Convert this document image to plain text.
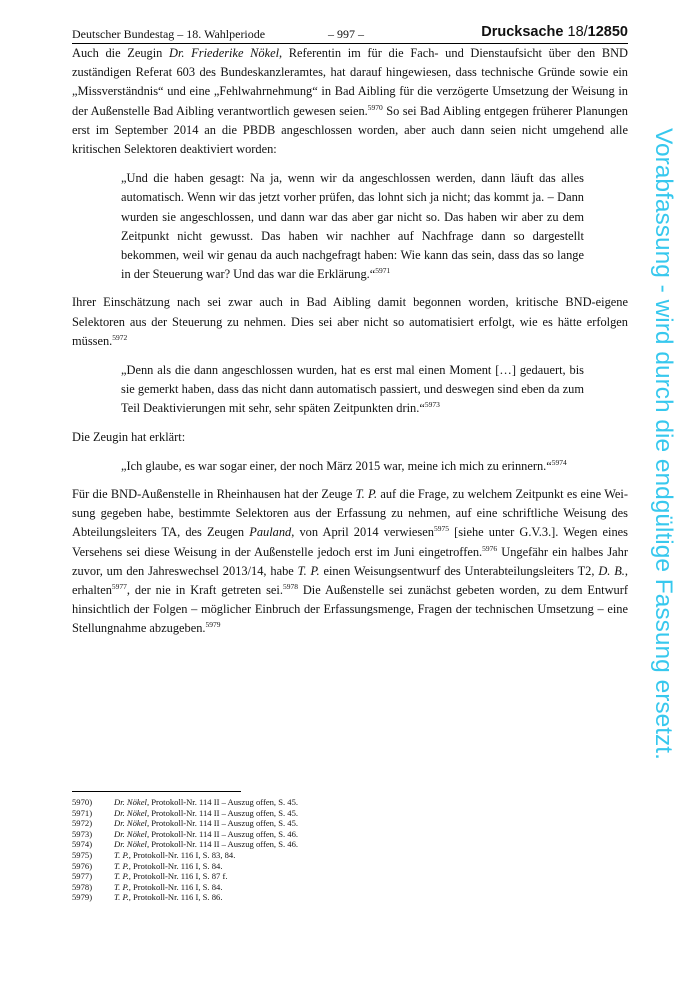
Deutscher Bundestag – 18. Wahlperiode	– 997 –	Drucksache 18/12850

Auch die Zeugin Dr. Friederike Nökel, Referentin im für die Fach- und Dienstaufsicht über den BND zuständigen Referat 603 des Bundeskanzleramtes, hat darauf hingewiesen, dass technische Gründe sowie ein „Missverständnis“ und eine „Fehlwahrnehmung“ in Bad Aibling für die verzögerte Umsetzung der Weisung in der Außenstelle Bad Aibling verantwortlich gewesen seien.$^{5970}$ So sei Bad Aibling entgegen früherer Planungen erst im September 2014 an die PBDB angeschlossen worden, aber auch dann seien nicht umgehend alle kritischen Selektoren deaktiviert worden:

„Und die haben gesagt: Na ja, wenn wir da angeschlossen werden, dann läuft das alles automatisch. Wenn wir das jetzt vorher prüfen, das lohnt sich ja nicht; das kommt ja. – Dann wurden sie angeschlossen, und dann war das aber gar nicht so. Das haben wir aber zu dem Zeitpunkt nicht gewusst. Das haben wir nachher auf Nachfrage dann so dargestellt bekommen, weil wir genau da auch nachgefragt haben: Wie kann das sein, dass das so lange in der Steuerung war? Und das war die Erklärung.“$^{5971}$

Ihrer Einschätzung nach sei zwar auch in Bad Aibling damit begonnen worden, kritische BND-eigene Selektoren aus der Steuerung zu nehmen. Dies sei aber nicht so automatisiert erfolgt, wie es hätte erfolgen müssen.$^{5972}$

„Denn als die dann angeschlossen wurden, hat es erst mal einen Moment […] gedauert, bis sie gemerkt haben, dass das nicht dann automatisch passiert, und deswegen sind eben da zum Teil Deaktivierungen mit sehr, sehr späten Zeitpunkten drin.“$^{5973}$

Die Zeugin hat erklärt:

„Ich glaube, es war sogar einer, der noch März 2015 war, meine ich mich zu erinnern.“$^{5974}$

Für die BND-Außenstelle in Rheinhausen hat der Zeuge T. P. auf die Frage, zu welchem Zeitpunkt es eine Weisung gegeben habe, bestimmte Selektoren aus der Erfassung zu nehmen, auf eine schriftliche Weisung des Abteilungsleiters TA, des Zeugen Pauland, von April 2014 verwiesen$^{5975}$ [siehe unter G.V.3.]. Wegen eines Versehens sei diese Weisung in der Außenstelle jedoch erst im Juni eingetroffen.$^{5976}$ Ungefähr ein halbes Jahr zuvor, um den Jahreswechsel 2013/14, habe T. P. einen Weisungsentwurf des Unterabteilungsleiters T2, D. B., erhalten$^{5977}$, der nie in Kraft getreten sei.$^{5978}$ Die Außenstelle sei zunächst gebeten worden, zu dem Entwurf hinsichtlich der Folgen – möglicher Einbruch der Erfassungsmenge, Fragen der technischen Umsetzung – eine Stellungnahme abzugeben.$^{5979}$

5970)	Dr. Nökel, Protokoll-Nr. 114 II – Auszug offen, S. 45.
5971)	Dr. Nökel, Protokoll-Nr. 114 II – Auszug offen, S. 45.
5972)	Dr. Nökel, Protokoll-Nr. 114 II – Auszug offen, S. 45.
5973)	Dr. Nökel, Protokoll-Nr. 114 II – Auszug offen, S. 46.
5974)	Dr. Nökel, Protokoll-Nr. 114 II – Auszug offen, S. 46.
5975)	T. P., Protokoll-Nr. 116 I, S. 83, 84.
5976)	T. P., Protokoll-Nr. 116 I, S. 84.
5977)	T. P., Protokoll-Nr. 116 I, S. 87 f.
5978)	T. P., Protokoll-Nr. 116 I, S. 84.
5979)	T. P., Protokoll-Nr. 116 I, S. 86.
Vorabfassung - wird durch die endgültige Fassung ersetzt.
